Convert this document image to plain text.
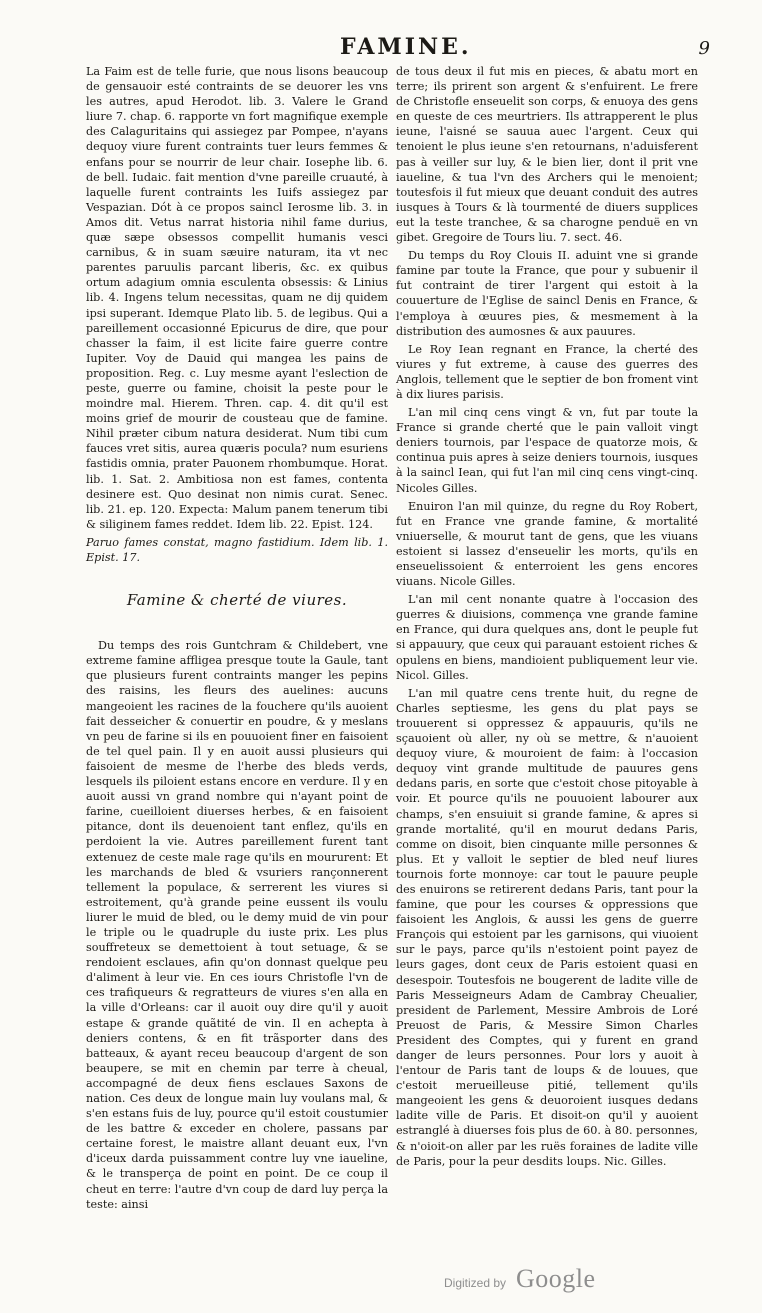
FAMINE.	9

La Faim est de telle furie, que nous lisons beaucoup de gensauoir esté contraints de se deuorer les vns les autres, apud Herodot. lib. 3. Valere le Grand liure 7. chap. 6. rapporte vn fort magnifique exemple des Calaguritains qui assiegez par Pompee, n'ayans dequoy viure furent contraints tuer leurs femmes & enfans pour se nourrir de leur chair. Iosephe lib. 6. de bell. Iudaic. fait mention d'vne pareille cruauté, à laquelle furent contraints les Iuifs assiegez par Vespazian. Dót à ce propos saincl Ierosme lib. 3. in Amos dit. Vetus narrat historia nihil fame durius, quæ sæpe obsessos compellit humanis vesci carnibus, & in suam sæuire naturam, ita vt nec parentes paruulis parcant liberis, &c. ex quibus ortum adagium omnia esculenta obsessis: & Linius lib. 4. Ingens telum necessitas, quam ne dij quidem ipsi superant. Idemque Plato lib. 5. de legibus. Qui a pareillement occasionné Epicurus de dire, que pour chasser la faim, il est licite faire guerre contre Iupiter. Voy de Dauid qui mangea les pains de proposition. Reg. c. Luy mesme ayant l'eslection de peste, guerre ou famine, choisit la peste pour le moindre mal. Hierem. Thren. cap. 4. dit qu'il est moins grief de mourir de cousteau que de famine. Nihil præter cibum natura desiderat. Num tibi cum fauces vret sitis, aurea quæris pocula? num esuriens fastidis omnia, prater Pauonem rhombumque. Horat. lib. 1. Sat. 2. Ambitiosa non est fames, contenta desinere est. Quo desinat non nimis curat. Senec. lib. 21. ep. 120. Expecta: Malum panem tenerum tibi & siliginem fames reddet. Idem lib. 22. Epist. 124.

Paruo fames constat, magno fastidium. Idem lib. 1. Epist. 17.

Famine & cherté de viures.

Du temps des rois Guntchram & Childebert, vne extreme famine affligea presque toute la Gaule, tant que plusieurs furent contraints manger les pepins des raisins, les fleurs des auelines: aucuns mangeoient les racines de la fouchere qu'ils auoient fait desseicher & conuertir en poudre, & y meslans vn peu de farine si ils en pouuoient finer en faisoient de tel quel pain. Il y en auoit aussi plusieurs qui faisoient de mesme de l'herbe des bleds verds, lesquels ils piloient estans encore en verdure. Il y en auoit aussi vn grand nombre qui n'ayant point de farine, cueilloient diuerses herbes, & en faisoient pitance, dont ils deuenoient tant enflez, qu'ils en perdoient la vie. Autres pareillement furent tant extenuez de ceste male rage qu'ils en moururent: Et les marchands de bled & vsuriers rançonnerent tellement la populace, & serrerent les viures si estroitement, qu'à grande peine eussent ils voulu liurer le muid de bled, ou le demy muid de vin pour le triple ou le quadruple du iuste prix. Les plus souffreteux se demettoient à tout setuage, & se rendoient esclaues, afin qu'on donnast quelque peu d'aliment à leur vie. En ces iours Christofle l'vn de ces trafiqueurs & regratteurs de viures s'en alla en la ville d'Orleans: car il auoit ouy dire qu'il y auoit estape & grande quãtité de vin. Il en achepta à deniers contens, & en fit trãsporter dans des batteaux, & ayant receu beaucoup d'argent de son beaupere, se mit en chemin par terre à cheual, accompagné de deux fiens esclaues Saxons de nation. Ces deux de longue main luy voulans mal, & s'en estans fuis de luy, pource qu'il estoit coustumier de les battre & exceder en cholere, passans par certaine forest, le maistre allant deuant eux, l'vn d'iceux darda puissamment contre luy vne iaueline, & le transperça de point en point. De ce coup il cheut en terre: l'autre d'vn coup de dard luy perça la teste: ainsi

de tous deux il fut mis en pieces, & abatu mort en terre; ils prirent son argent & s'enfuirent. Le frere de Christofle enseuelit son corps, & enuoya des gens en queste de ces meurtriers. Ils attrapperent le plus ieune, l'aisné se sauua auec l'argent. Ceux qui tenoient le plus ieune s'en retournans, n'aduisferent pas à veiller sur luy, & le bien lier, dont il prit vne iaueline, & tua l'vn des Archers qui le menoient; toutesfois il fut mieux que deuant conduit des autres iusques à Tours & là tourmenté de diuers supplices eut la teste tranchee, & sa charogne penduë en vn gibet. Gregoire de Tours liu. 7. sect. 46.

Du temps du Roy Clouis II. aduint vne si grande famine par toute la France, que pour y subuenir il fut contraint de tirer l'argent qui estoit à la couuerture de l'Eglise de saincl Denis en France, & l'employa à œuures pies, & mesmement à la distribution des aumosnes & aux pauures.

Le Roy Iean regnant en France, la cherté des viures y fut extreme, à cause des guerres des Anglois, tellement que le septier de bon froment vint à dix liures parisis.

L'an mil cinq cens vingt & vn, fut par toute la France si grande cherté que le pain valloit vingt deniers tournois, par l'espace de quatorze mois, & continua puis apres à seize deniers tournois, iusques à la saincl Iean, qui fut l'an mil cinq cens vingt-cinq. Nicoles Gilles.

Enuiron l'an mil quinze, du regne du Roy Robert, fut en France vne grande famine, & mortalité vniuerselle, & mourut tant de gens, que les viuans estoient si lassez d'enseuelir les morts, qu'ils en enseuelissoient & enterroient les gens encores viuans. Nicole Gilles.

L'an mil cent nonante quatre à l'occasion des guerres & diuisions, commença vne grande famine en France, qui dura quelques ans, dont le peuple fut si appauury, que ceux qui parauant estoient riches & opulens en biens, mandioient publiquement leur vie. Nicol. Gilles.

L'an mil quatre cens trente huit, du regne de Charles septiesme, les gens du plat pays se trouuerent si oppressez & appauuris, qu'ils ne sçauoient où aller, ny où se mettre, & n'auoient dequoy viure, & mouroient de faim: à l'occasion dequoy vint grande multitude de pauures gens dedans paris, en sorte que c'estoit chose pitoyable à voir. Et pource qu'ils ne pouuoient labourer aux champs, s'en ensuiuit si grande famine, & apres si grande mortalité, qu'il en mourut dedans Paris, comme on disoit, bien cinquante mille personnes & plus. Et y valloit le septier de bled neuf liures tournois forte monnoye: car tout le pauure peuple des enuirons se retirerent dedans Paris, tant pour la famine, que pour les courses & oppressions que faisoient les Anglois, & aussi les gens de guerre François qui estoient par les garnisons, qui viuoient sur le pays, parce qu'ils n'estoient point payez de leurs gages, dont ceux de Paris estoient quasi en desespoir. Toutesfois ne bougerent de ladite ville de Paris Messeigneurs Adam de Cambray Cheualier, president de Parlement, Messire Ambrois de Loré Preuost de Paris, & Messire Simon Charles President des Comptes, qui y furent en grand danger de leurs personnes. Pour lors y auoit à l'entour de Paris tant de loups & de louues, que c'estoit merueilleuse pitié, tellement qu'ils mangeoient les gens & deuoroient iusques dedans ladite ville de Paris. Et disoit-on qu'il y auoient estranglé à diuerses fois plus de 60. à 80. personnes, & n'oioit-on aller par les ruës foraines de ladite ville de Paris, pour la peur desdits loups. Nic. Gilles.

Digitized by Google
